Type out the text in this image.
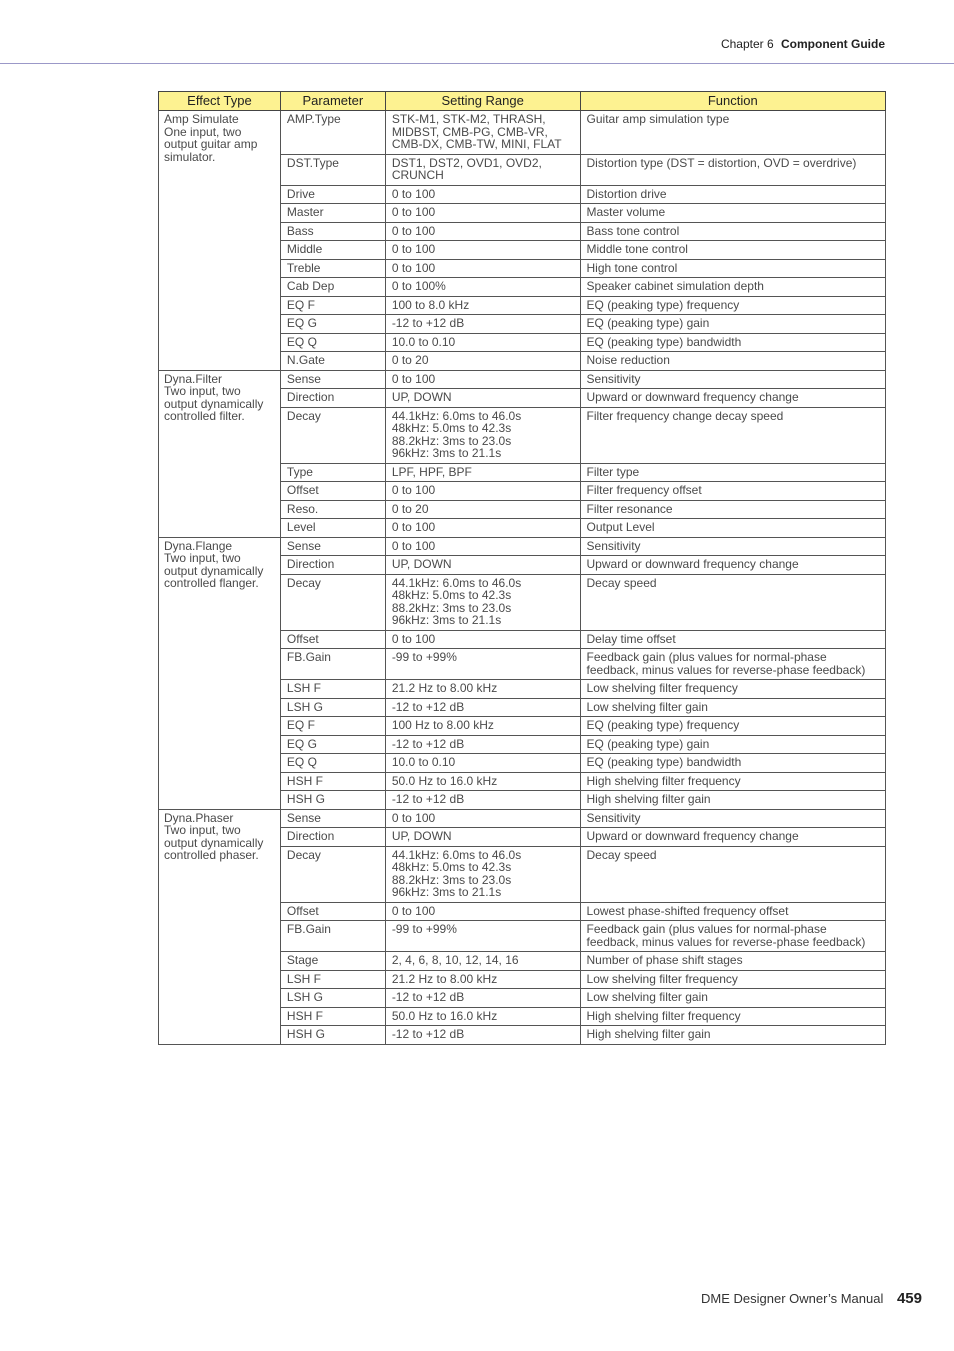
Chapter 6 Component Guide
Effect Type	Parameter	Setting Range	Function
Amp Simulate
One input, two output guitar amp simulator.	AMP.Type	STK-M1, STK-M2, THRASH, MIDBST, CMB-PG, CMB-VR, CMB-DX, CMB-TW, MINI, FLAT	Guitar amp simulation type
	DST.Type	DST1, DST2, OVD1, OVD2, CRUNCH	Distortion type (DST = distortion, OVD = overdrive)
	Drive	0 to 100	Distortion drive
	Master	0 to 100	Master volume
	Bass	0 to 100	Bass tone control
	Middle	0 to 100	Middle tone control
	Treble	0 to 100	High tone control
	Cab Dep	0 to 100%	Speaker cabinet simulation depth
	EQ F	100 to 8.0 kHz	EQ (peaking type) frequency
	EQ G	-12 to +12 dB	EQ (peaking type) gain
	EQ Q	10.0 to 0.10	EQ (peaking type) bandwidth
	N.Gate	0 to 20	Noise reduction
Dyna.Filter
Two input, two output dynamically controlled filter.	Sense	0 to 100	Sensitivity
	Direction	UP, DOWN	Upward or downward frequency change
	Decay	44.1kHz: 6.0ms to 46.0s
48kHz: 5.0ms to 42.3s
88.2kHz: 3ms to 23.0s
96kHz: 3ms to 21.1s	Filter frequency change decay speed
	Type	LPF, HPF, BPF	Filter type
	Offset	0 to 100	Filter frequency offset
	Reso.	0 to 20	Filter resonance
	Level	0 to 100	Output Level
Dyna.Flange
Two input, two output dynamically controlled flanger.	Sense	0 to 100	Sensitivity
	Direction	UP, DOWN	Upward or downward frequency change
	Decay	44.1kHz: 6.0ms to 46.0s
48kHz: 5.0ms to 42.3s
88.2kHz: 3ms to 23.0s
96kHz: 3ms to 21.1s	Decay speed
	Offset	0 to 100	Delay time offset
	FB.Gain	-99 to +99%	Feedback gain (plus values for normal-phase feedback, minus values for reverse-phase feedback)
	LSH F	21.2 Hz to 8.00 kHz	Low shelving filter frequency
	LSH G	-12 to +12 dB	Low shelving filter gain
	EQ F	100 Hz to 8.00 kHz	EQ (peaking type) frequency
	EQ G	-12 to +12 dB	EQ (peaking type) gain
	EQ Q	10.0 to 0.10	EQ (peaking type) bandwidth
	HSH F	50.0 Hz to 16.0 kHz	High shelving filter frequency
	HSH G	-12 to +12 dB	High shelving filter gain
Dyna.Phaser
Two input, two output dynamically controlled phaser.	Sense	0 to 100	Sensitivity
	Direction	UP, DOWN	Upward or downward frequency change
	Decay	44.1kHz: 6.0ms to 46.0s
48kHz: 5.0ms to 42.3s
88.2kHz: 3ms to 23.0s
96kHz: 3ms to 21.1s	Decay speed
	Offset	0 to 100	Lowest phase-shifted frequency offset
	FB.Gain	-99 to +99%	Feedback gain (plus values for normal-phase feedback, minus values for reverse-phase feedback)
	Stage	2, 4, 6, 8, 10, 12, 14, 16	Number of phase shift stages
	LSH F	21.2 Hz to 8.00 kHz	Low shelving filter frequency
	LSH G	-12 to +12 dB	Low shelving filter gain
	HSH F	50.0 Hz to 16.0 kHz	High shelving filter frequency
	HSH G	-12 to +12 dB	High shelving filter gain
DME Designer Owner’s Manual 459
